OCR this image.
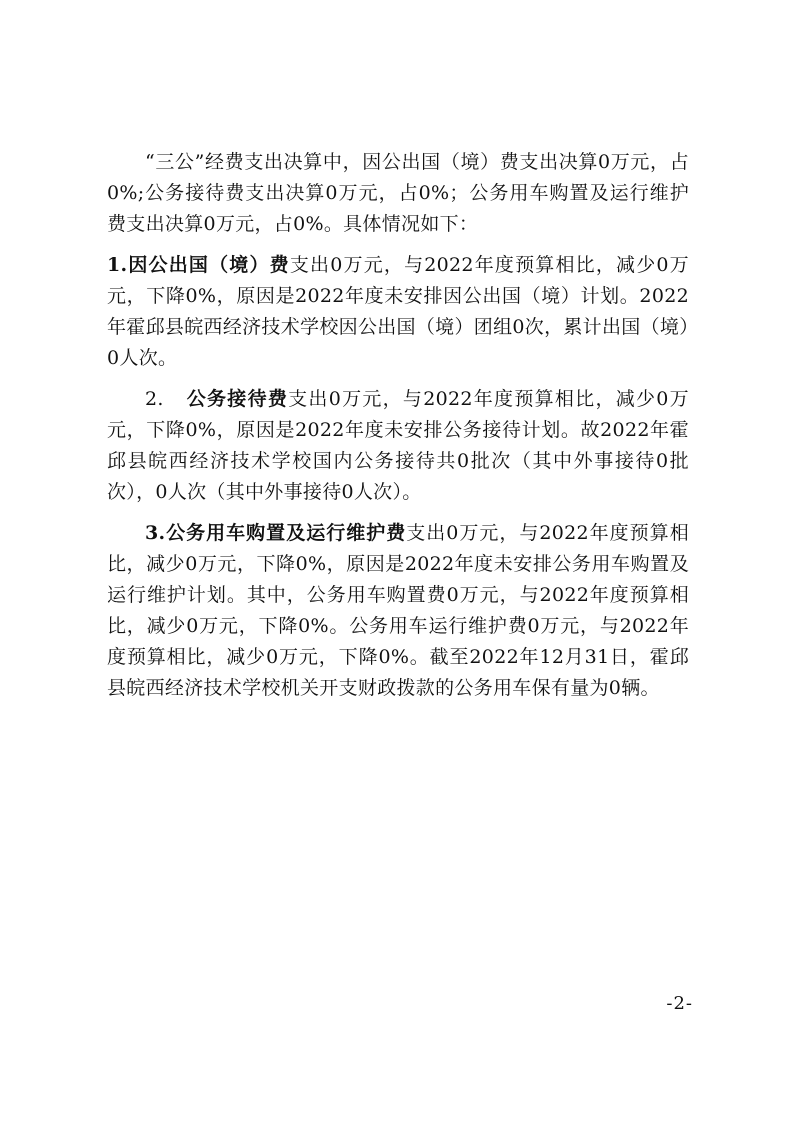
“三公”经费支出决算中，因公出国（境）费支出决算0万元，占0%;公务接待费支出决算0万元，占0%；公务用车购置及运行维护费支出决算0万元，占0%。具体情况如下：

1.因公出国（境）费支出0万元，与2022年度预算相比，减少0万元，下降0%，原因是2022年度未安排因公出国（境）计划。2022年霍邱县皖西经济技术学校因公出国（境）团组0次，累计出国（境）0人次。

2. 公务接待费支出0万元，与2022年度预算相比，减少0万元，下降0%，原因是2022年度未安排公务接待计划。故2022年霍邱县皖西经济技术学校国内公务接待共0批次（其中外事接待0批次），0人次（其中外事接待0人次）。

3.公务用车购置及运行维护费支出0万元，与2022年度预算相比，减少0万元，下降0%，原因是2022年度未安排公务用车购置及运行维护计划。其中，公务用车购置费0万元，与2022年度预算相比，减少0万元，下降0%。公务用车运行维护费0万元，与2022年度预算相比，减少0万元，下降0%。截至2022年12月31日，霍邱县皖西经济技术学校机关开支财政拨款的公务用车保有量为0辆。

-2-
